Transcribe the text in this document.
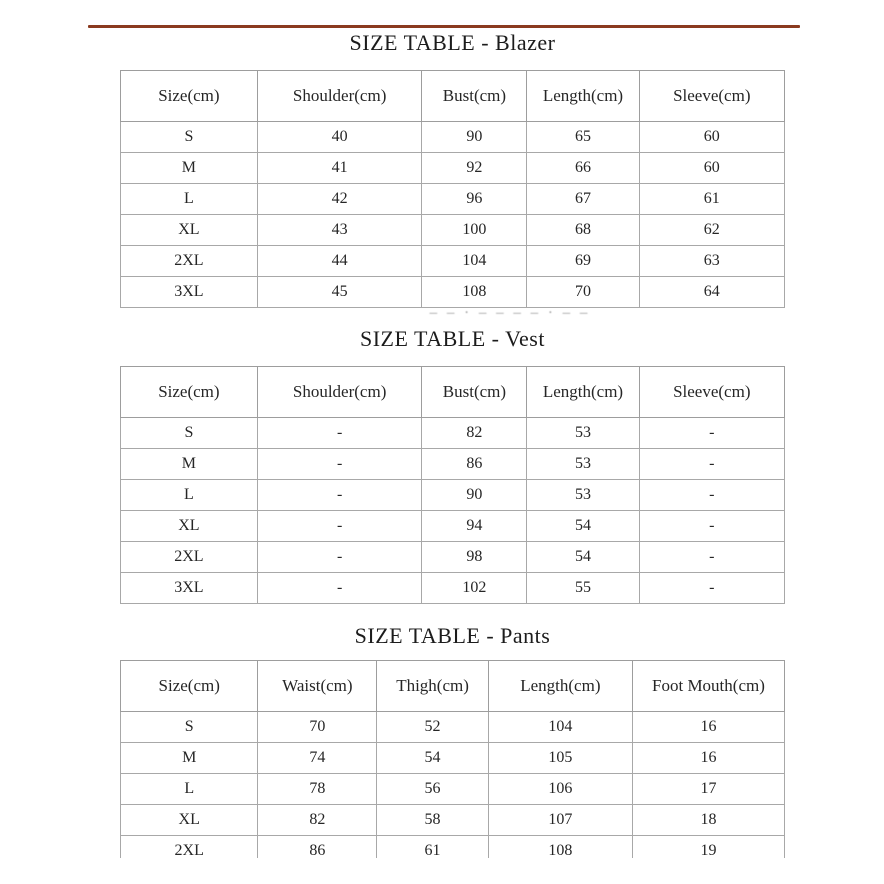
SIZE TABLE - Blazer
Size(cm)	Shoulder(cm)	Bust(cm)	Length(cm)	Sleeve(cm)
S	40	90	65	60
M	41	92	66	60
L	42	96	67	61
XL	43	100	68	62
2XL	44	104	69	63
3XL	45	108	70	64
– – · – – – – · – –
SIZE TABLE - Vest
Size(cm)	Shoulder(cm)	Bust(cm)	Length(cm)	Sleeve(cm)
S	-	82	53	-
M	-	86	53	-
L	-	90	53	-
XL	-	94	54	-
2XL	-	98	54	-
3XL	-	102	55	-
SIZE TABLE - Pants
Size(cm)	Waist(cm)	Thigh(cm)	Length(cm)	Foot Mouth(cm)
S	70	52	104	16
M	74	54	105	16
L	78	56	106	17
XL	82	58	107	18
2XL	86	61	108	19
